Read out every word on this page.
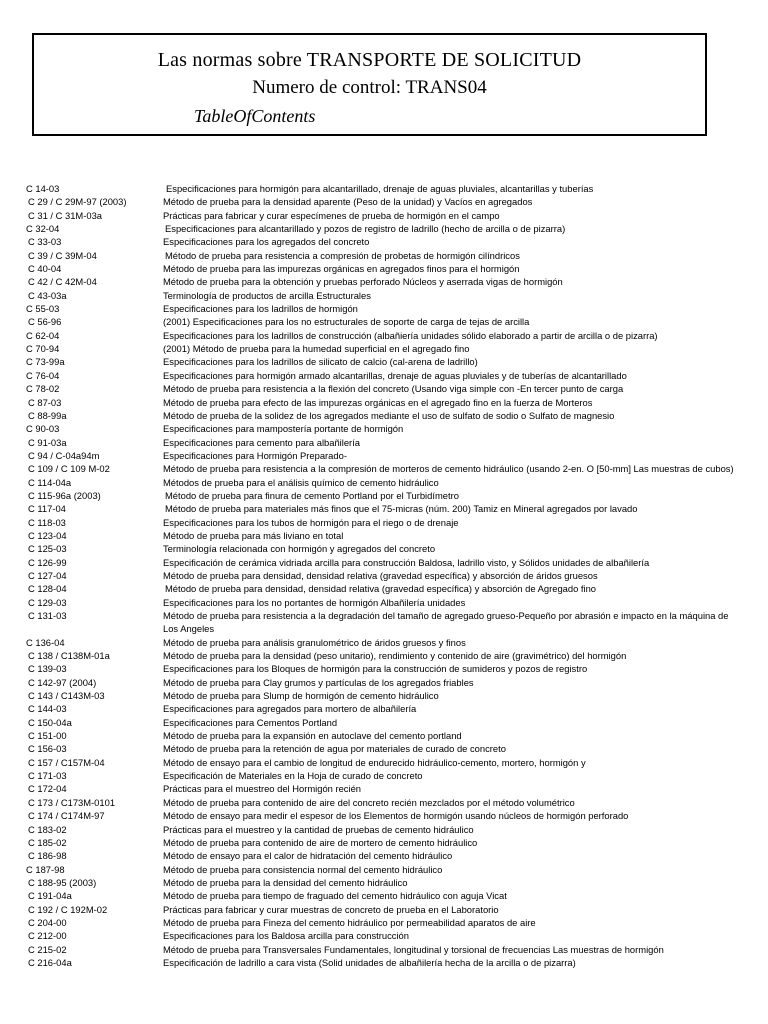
Las normas sobre TRANSPORTE DE SOLICITUD
Numero de control: TRANS04
TableOfContents
C 14-03	Especificaciones para hormigón para alcantarillado, drenaje de aguas pluviales, alcantarillas y tuberías
C 29 / C 29M-97 (2003)	Método de prueba para la densidad aparente (Peso de la unidad) y Vacíos en agregados
C 31 / C 31M-03a	Prácticas para fabricar y curar especímenes de prueba de hormigón en el campo
C 32-04	Especificaciones para alcantarillado y pozos de registro de ladrillo (hecho de arcilla o de pizarra)
C 33-03	Especificaciones para los agregados del concreto
C 39 / C 39M-04	Método de prueba para resistencia a compresión de probetas de hormigón cilíndricos
C 40-04	Método de prueba para las impurezas orgánicas en agregados finos para el hormigón
C 42 / C 42M-04	Método de prueba para la obtención y pruebas perforado Núcleos y aserrada vigas de hormigón
C 43-03a	Terminología de productos de arcilla Estructurales
C 55-03	Especificaciones para los ladrillos de hormigón
C 56-96	(2001) Especificaciones para los no estructurales de soporte de carga de tejas de arcilla
C 62-04	Especificaciones para los ladrillos de construcción (albañiería unidades sólido elaborado a partir de arcilla o de pizarra)
C 70-94	(2001) Método de prueba para la humedad superficial en el agregado fino
C 73-99a	Especificaciones para los ladrillos de silicato de calcio (cal-arena de ladrillo)
C 76-04	Especificaciones para hormigón armado alcantarillas, drenaje de aguas pluviales y de tuberías de alcantarillado
C 78-02	Método de prueba para resistencia a la flexión del concreto (Usando viga simple con -En tercer punto de carga
C 87-03	Método de prueba para efecto de las impurezas orgánicas en el agregado fino en la fuerza de Morteros
C 88-99a	Método de prueba de la solidez de los agregados mediante el uso de sulfato de sodio o Sulfato de magnesio
C 90-03	Especificaciones para mampostería portante de hormigón
C 91-03a	Especificaciones para cemento para albañilería
C 94 / C-04a94m	Especificaciones para Hormigón Preparado-
C 109 / C 109 M-02	Método de prueba para resistencia a la compresión de morteros de cemento hidráulico (usando 2-en. O [50-mm] Las muestras de cubos)
C 114-04a	Métodos de prueba para el análisis químico de cemento hidráulico
C 115-96a (2003)	Método de prueba para finura de cemento Portland por el Turbidímetro
C 117-04	Método de prueba para materiales más finos que el 75-micras (núm. 200) Tamiz en Mineral agregados por lavado
C 118-03	Especificaciones para los tubos de hormigón para el riego o de drenaje
C 123-04	Método de prueba para más liviano en total
C 125-03	Terminología relacionada con hormigón y agregados del concreto
C 126-99	Especificación de cerámica vidriada arcilla para construcción Baldosa, ladrillo visto, y Sólidos unidades de albañilería
C 127-04	Método de prueba para densidad, densidad relativa (gravedad específica) y absorción de áridos gruesos
C 128-04	Método de prueba para densidad, densidad relativa (gravedad específica) y absorción de Agregado fino
C 129-03	Especificaciones para los no portantes de hormigón Albañilería unidades
C 131-03	Método de prueba para resistencia a la degradación del tamaño de agregado grueso-Pequeño por abrasión e impacto en la máquina de Los Angeles
C 136-04	Método de prueba para análisis granulométrico de áridos gruesos y finos
C 138 / C138M-01a	Método de prueba para la densidad (peso unitario), rendimiento y contenido de aire (gravimétrico) del hormigón
C 139-03	Especificaciones para los Bloques de hormigón para la construcción de sumideros y pozos de registro
C 142-97 (2004)	Método de prueba para Clay grumos y partículas de los agregados friables
C 143 / C143M-03	Método de prueba para Slump de hormigón de cemento hidráulico
C 144-03	Especificaciones para agregados para mortero de albañilería
C 150-04a	Especificaciones para Cementos Portland
C 151-00	Método de prueba para la expansión en autoclave del cemento portland
C 156-03	Método de prueba para la retención de agua por materiales de curado de concreto
C 157 / C157M-04	Método de ensayo para el cambio de longitud de endurecido hidráulico-cemento, mortero, hormigón y
C 171-03	Especificación de Materiales en la Hoja de curado de concreto
C 172-04	Prácticas para el muestreo del Hormigón recién
C 173 / C173M-0101	Método de prueba para contenido de aire del concreto recién mezclados por el método volumétrico
C 174 / C174M-97	Método de ensayo para medir el espesor de los Elementos de hormigón usando núcleos de hormigón perforado
C 183-02	Prácticas para el muestreo y la cantidad de pruebas de cemento hidráulico
C 185-02	Método de prueba para contenido de aire de mortero de cemento hidráulico
C 186-98	Método de ensayo para el calor de hidratación del cemento hidráulico
C 187-98	Método de prueba para consistencia normal del cemento hidráulico
C 188-95 (2003)	Método de prueba para la densidad del cemento hidráulico
C 191-04a	Método de prueba para tiempo de fraguado del cemento hidráulico con aguja Vicat
C 192 / C 192M-02	Prácticas para fabricar y curar muestras de concreto de prueba en el Laboratorio
C 204-00	Método de prueba para Fineza del cemento hidráulico por permeabilidad aparatos de aire
C 212-00	Especificaciones para los Baldosa arcilla para construcción
C 215-02	Método de prueba para Transversales Fundamentales, longitudinal y torsional de frecuencias Las muestras de hormigón
C 216-04a	Especificación de ladrillo a cara vista (Solid unidades de albañilería hecha de la arcilla o de pizarra)
